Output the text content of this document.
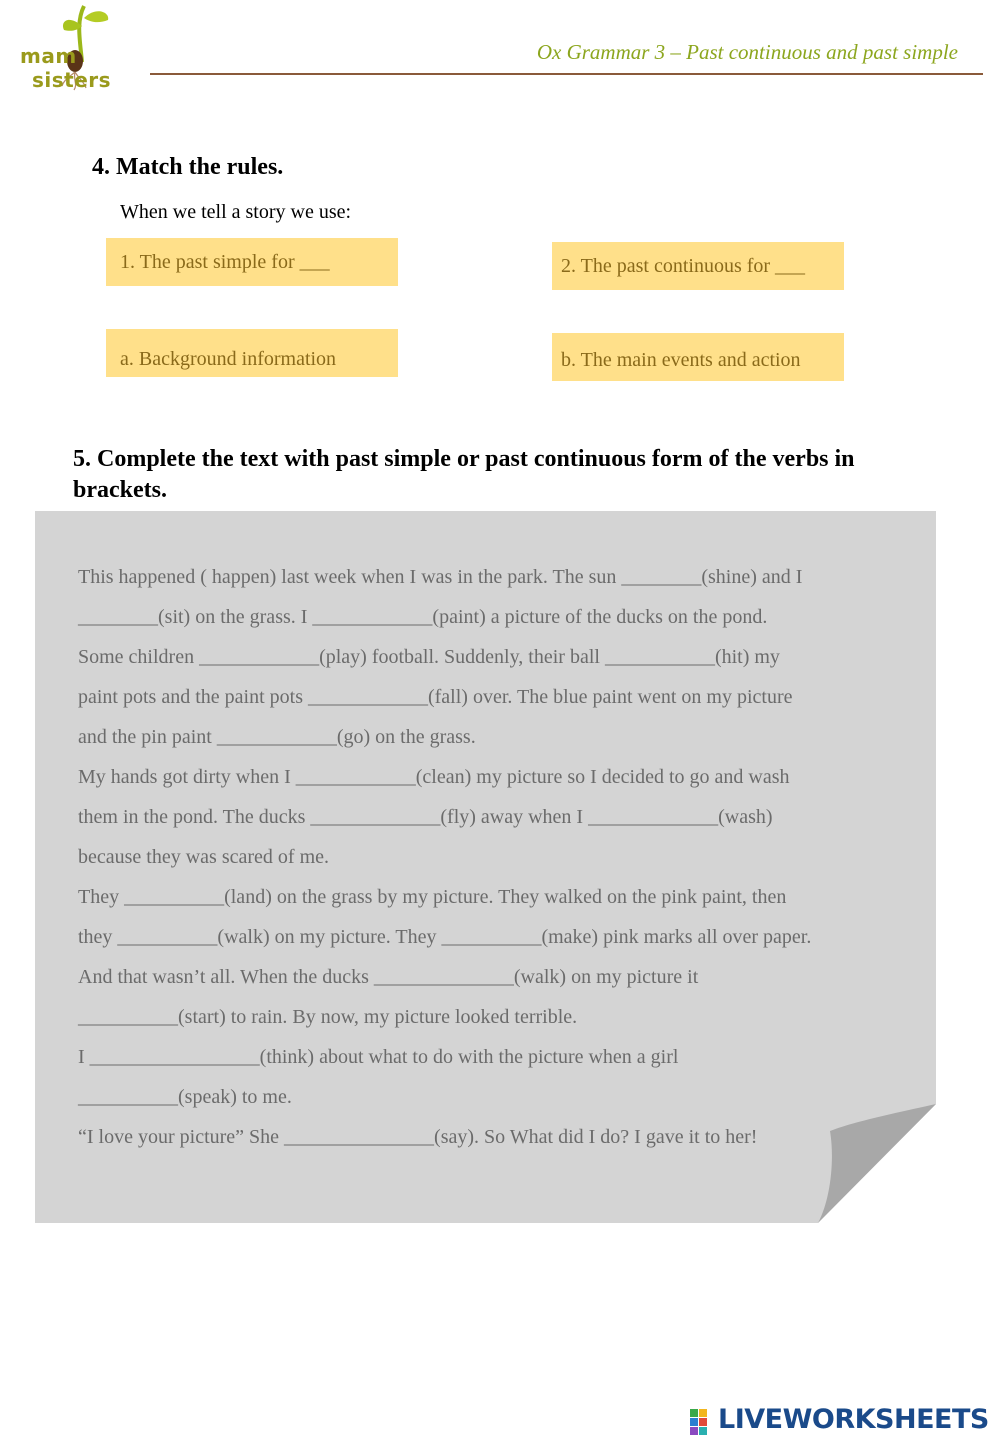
mamsisters
Ox Grammar 3 – Past continuous and past simple
4. Match the rules.
When we tell a story we use:
1. The past simple for ___	2. The past continuous for ___
a. Background information	b. The main events and action
5. Complete the text with past simple or past continuous form of the verbs in brackets.
This happened ( happen) last week when I was in the park. The sun ________(shine) and I
________(sit) on the grass. I ____________(paint) a picture of the ducks on the pond.
Some children ____________(play) football. Suddenly, their ball ___________(hit) my
paint pots and the paint pots ____________(fall) over. The blue paint went on my picture
and the pin paint ____________(go) on the grass.
My hands got dirty when I ____________(clean) my picture so I decided to go and wash
them in the pond. The ducks _____________(fly) away when I _____________(wash)
because they was scared of me.
They __________(land) on the grass by my picture. They walked on the pink paint, then
they __________(walk) on my picture. They __________(make) pink marks all over paper.
And that wasn’t all. When the ducks ______________(walk) on my picture it
__________(start) to rain. By now, my picture looked terrible.
I _________________(think) about what to do with the picture when a girl
__________(speak) to me.
“I love your picture” She _______________(say). So What did I do? I gave it to her!
LIVEWORKSHEETS
